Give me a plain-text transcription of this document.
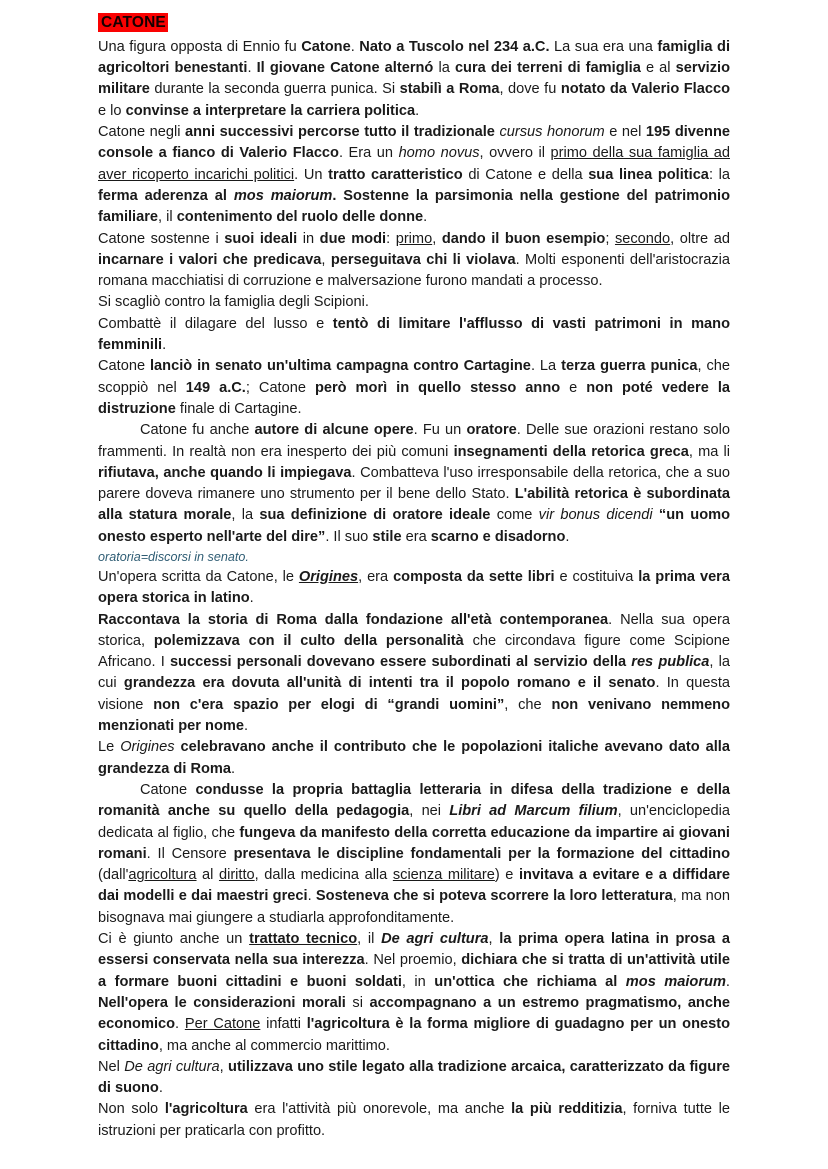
CATONE

Una figura opposta di Ennio fu Catone. Nato a Tuscolo nel 234 a.C. La sua era una famiglia di agricoltori benestanti. Il giovane Catone alternó la cura dei terreni di famiglia e al servizio militare durante la seconda guerra punica. Si stabilì a Roma, dove fu notato da Valerio Flacco e lo convinse a interpretare la carriera politica.

Catone negli anni successivi percorse tutto il tradizionale cursus honorum e nel 195 divenne console a fianco di Valerio Flacco. Era un homo novus, ovvero il primo della sua famiglia ad aver ricoperto incarichi politici. Un tratto caratteristico di Catone e della sua linea politica: la ferma aderenza al mos maiorum. Sostenne la parsimonia nella gestione del patrimonio familiare, il contenimento del ruolo delle donne.

Catone sostenne i suoi ideali in due modi: primo, dando il buon esempio; secondo, oltre ad incarnare i valori che predicava, perseguitava chi li violava. Molti esponenti dell'aristocrazia romana macchiatisi di corruzione e malversazione furono mandati a processo.

Si scagliò contro la famiglia degli Scipioni.

Combattè il dilagare del lusso e tentò di limitare l'afflusso di vasti patrimoni in mano femminili.

Catone lanciò in senato un'ultima campagna contro Cartagine. La terza guerra punica, che scoppiò nel 149 a.C.; Catone però morì in quello stesso anno e non poté vedere la distruzione finale di Cartagine.

Catone fu anche autore di alcune opere. Fu un oratore. Delle sue orazioni restano solo frammenti. In realtà non era inesperto dei più comuni insegnamenti della retorica greca, ma li rifiutava, anche quando li impiegava. Combatteva l'uso irresponsabile della retorica, che a suo parere doveva rimanere uno strumento per il bene dello Stato. L'abilità retorica è subordinata alla statura morale, la sua definizione di oratore ideale come vir bonus dicendi “un uomo onesto esperto nell'arte del dire”. Il suo stile era scarno e disadorno.

oratoria=discorsi in senato.

Un'opera scritta da Catone, le Origines, era composta da sette libri e costituiva la prima vera opera storica in latino.

Raccontava la storia di Roma dalla fondazione all'età contemporanea. Nella sua opera storica, polemizzava con il culto della personalità che circondava figure come Scipione Africano. I successi personali dovevano essere subordinati al servizio della res publica, la cui grandezza era dovuta all'unità di intenti tra il popolo romano e il senato. In questa visione non c'era spazio per elogi di “grandi uomini”, che non venivano nemmeno menzionati per nome.

Le Origines celebravano anche il contributo che le popolazioni italiche avevano dato alla grandezza di Roma.

Catone condusse la propria battaglia letteraria in difesa della tradizione e della romanità anche su quello della pedagogia, nei Libri ad Marcum filium, un'enciclopedia dedicata al figlio, che fungeva da manifesto della corretta educazione da impartire ai giovani romani. Il Censore presentava le discipline fondamentali per la formazione del cittadino (dall'agricoltura al diritto, dalla medicina alla scienza militare) e invitava a evitare e a diffidare dai modelli e dai maestri greci. Sosteneva che si poteva scorrere la loro letteratura, ma non bisognava mai giungere a studiarla approfonditamente.

Ci è giunto anche un trattato tecnico, il De agri cultura, la prima opera latina in prosa a essersi conservata nella sua interezza. Nel proemio, dichiara che si tratta di un'attività utile a formare buoni cittadini e buoni soldati, in un'ottica che richiama al mos maiorum. Nell'opera le considerazioni morali si accompagnano a un estremo pragmatismo, anche economico. Per Catone infatti l'agricoltura è la forma migliore di guadagno per un onesto cittadino, ma anche al commercio marittimo.

Nel De agri cultura, utilizzava uno stile legato alla tradizione arcaica, caratterizzato da figure di suono.

Non solo l'agricoltura era l'attività più onorevole, ma anche la più redditizia, forniva tutte le istruzioni per praticarla con profitto.
